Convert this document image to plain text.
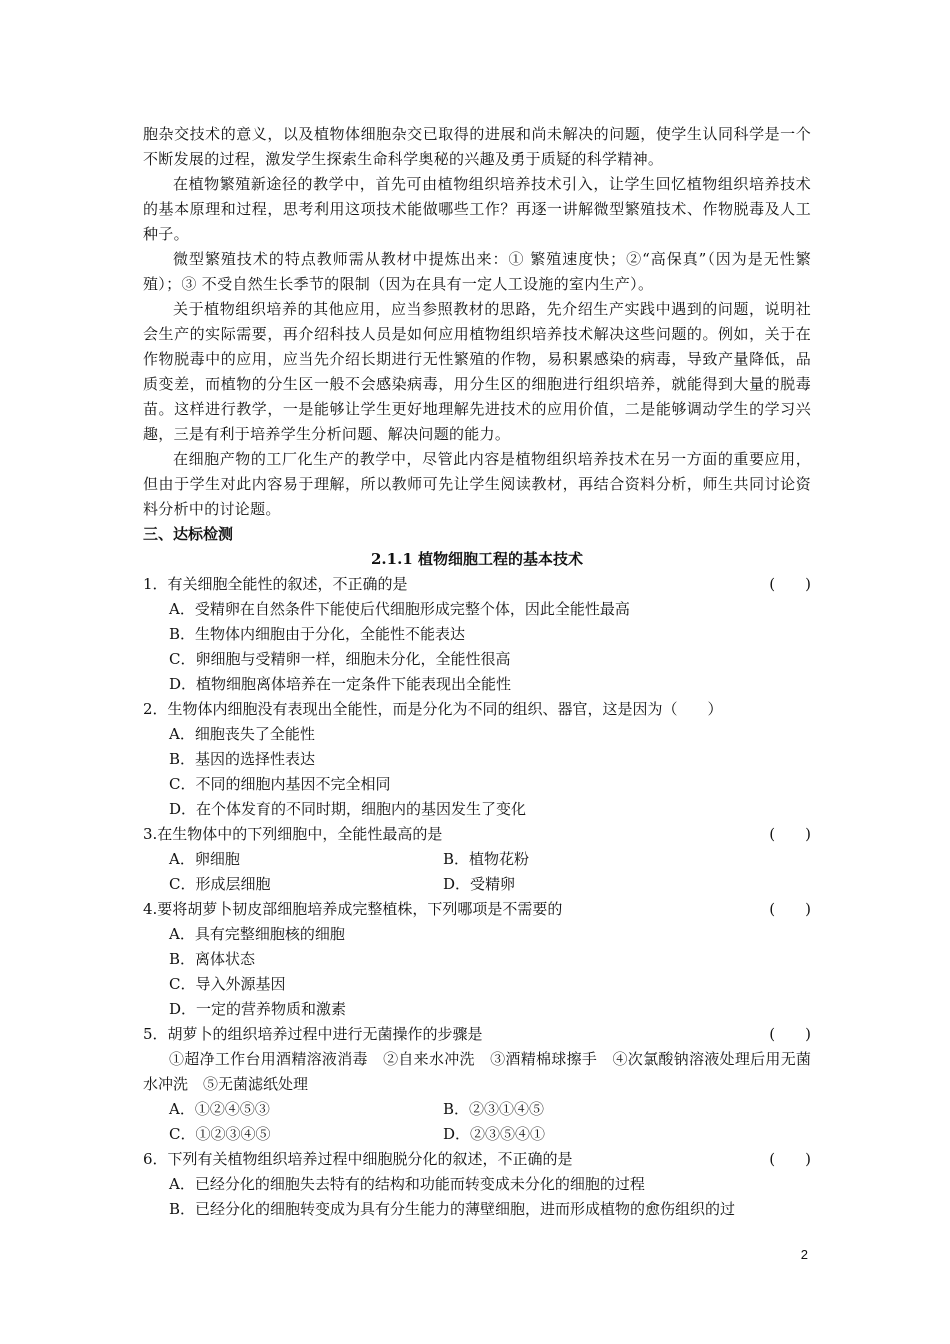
胞杂交技术的意义，以及植物体细胞杂交已取得的进展和尚未解决的问题，使学生认同科学是一个不断发展的过程，激发学生探索生命科学奥秘的兴趣及勇于质疑的科学精神。

在植物繁殖新途径的教学中，首先可由植物组织培养技术引入，让学生回忆植物组织培养技术的基本原理和过程，思考利用这项技术能做哪些工作？再逐一讲解微型繁殖技术、作物脱毒及人工种子。

微型繁殖技术的特点教师需从教材中提炼出来：① 繁殖速度快；②“高保真”（因为是无性繁殖）；③ 不受自然生长季节的限制（因为在具有一定人工设施的室内生产）。

关于植物组织培养的其他应用，应当参照教材的思路，先介绍生产实践中遇到的问题，说明社会生产的实际需要，再介绍科技人员是如何应用植物组织培养技术解决这些问题的。例如，关于在作物脱毒中的应用，应当先介绍长期进行无性繁殖的作物，易积累感染的病毒，导致产量降低，品质变差，而植物的分生区一般不会感染病毒，用分生区的细胞进行组织培养，就能得到大量的脱毒苗。这样进行教学，一是能够让学生更好地理解先进技术的应用价值，二是能够调动学生的学习兴趣，三是有利于培养学生分析问题、解决问题的能力。

在细胞产物的工厂化生产的教学中，尽管此内容是植物组织培养技术在另一方面的重要应用，但由于学生对此内容易于理解，所以教师可先让学生阅读教材，再结合资料分析，师生共同讨论资料分析中的讨论题。

三、达标检测

2.1.1 植物细胞工程的基本技术

1．有关细胞全能性的叙述，不正确的是	(　　)

A．受精卵在自然条件下能使后代细胞形成完整个体，因此全能性最高

B．生物体内细胞由于分化，全能性不能表达

C．卵细胞与受精卵一样，细胞未分化，全能性很高

D．植物细胞离体培养在一定条件下能表现出全能性

2．生物体内细胞没有表现出全能性，而是分化为不同的组织、器官，这是因为（　　）

A．细胞丧失了全能性

B．基因的选择性表达

C．不同的细胞内基因不完全相同

D．在个体发育的不同时期，细胞内的基因发生了变化

3.在生物体中的下列细胞中，全能性最高的是	(　　)

A．卵细胞	B．植物花粉
C．形成层细胞	D．受精卵

4.要将胡萝卜韧皮部细胞培养成完整植株，下列哪项是不需要的	(　　)

A．具有完整细胞核的细胞

B．离体状态

C．导入外源基因

D．一定的营养物质和激素

5．胡萝卜的组织培养过程中进行无菌操作的步骤是	(　　)

①超净工作台用酒精溶液消毒　②自来水冲洗　③酒精棉球擦手　④次氯酸钠溶液处理后用无菌水冲洗　⑤无菌滤纸处理

A．①②④⑤③	B．②③①④⑤
C．①②③④⑤	D．②③⑤④①

6．下列有关植物组织培养过程中细胞脱分化的叙述，不正确的是	(　　)

A．已经分化的细胞失去特有的结构和功能而转变成未分化的细胞的过程

B．已经分化的细胞转变成为具有分生能力的薄壁细胞，进而形成植物的愈伤组织的过

2
